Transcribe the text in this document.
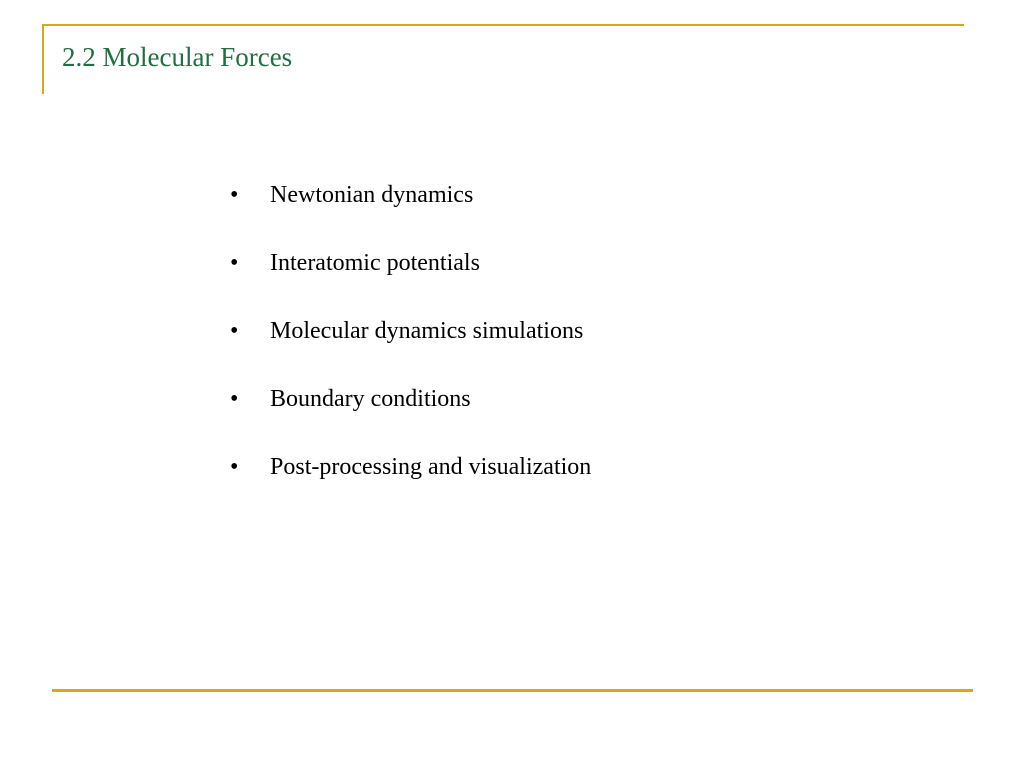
2.2 Molecular Forces
•	Newtonian dynamics
•	Interatomic potentials
•	Molecular dynamics simulations
•	Boundary conditions
•	Post-processing and visualization
